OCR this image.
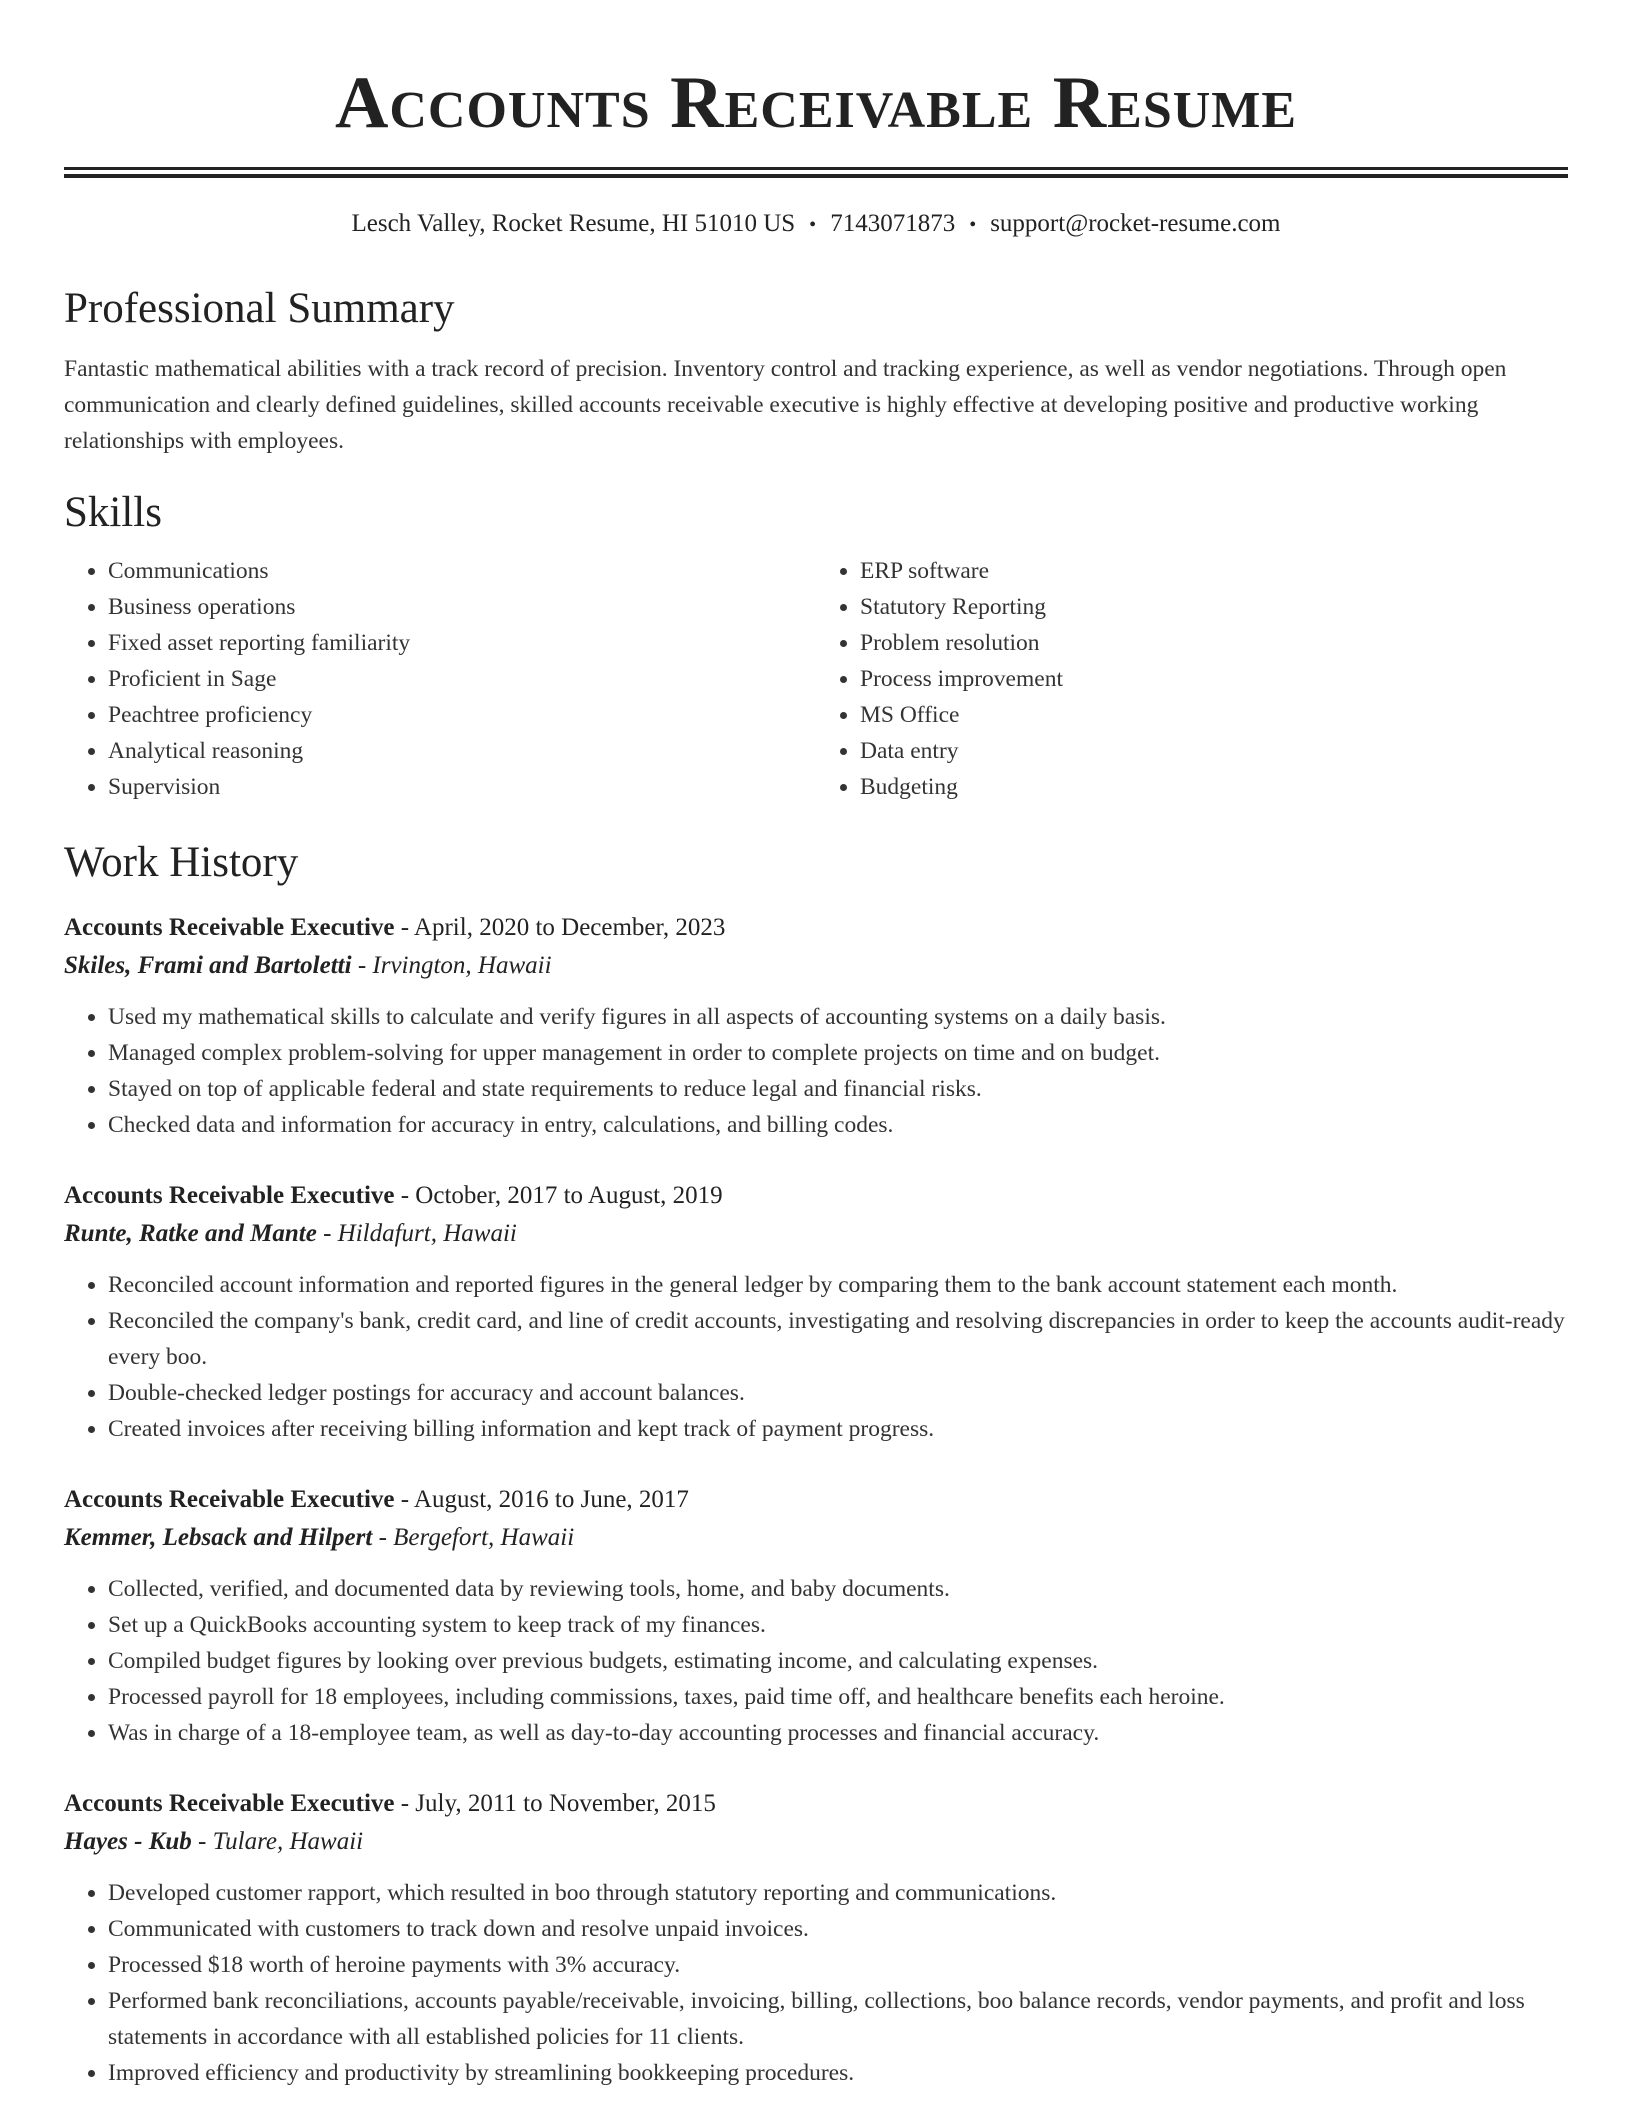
Accounts Receivable Resume
Lesch Valley, Rocket Resume, HI 51010 US • 7143071873 • support@rocket-resume.com
Professional Summary

Fantastic mathematical abilities with a track record of precision. Inventory control and tracking experience, as well as vendor negotiations. Through open communication and clearly defined guidelines, skilled accounts receivable executive is highly effective at developing positive and productive working relationships with employees.

Skills
• Communications
• Business operations
• Fixed asset reporting familiarity
• Proficient in Sage
• Peachtree proficiency
• Analytical reasoning
• Supervision
• ERP software
• Statutory Reporting
• Problem resolution
• Process improvement
• MS Office
• Data entry
• Budgeting
Work History
Accounts Receivable Executive - April, 2020 to December, 2023
Skiles, Frami and Bartoletti - Irvington, Hawaii
• Used my mathematical skills to calculate and verify figures in all aspects of accounting systems on a daily basis.
• Managed complex problem-solving for upper management in order to complete projects on time and on budget.
• Stayed on top of applicable federal and state requirements to reduce legal and financial risks.
• Checked data and information for accuracy in entry, calculations, and billing codes.
Accounts Receivable Executive - October, 2017 to August, 2019
Runte, Ratke and Mante - Hildafurt, Hawaii
• Reconciled account information and reported figures in the general ledger by comparing them to the bank account statement each month.
• Reconciled the company's bank, credit card, and line of credit accounts, investigating and resolving discrepancies in order to keep the accounts audit-ready every boo.
• Double-checked ledger postings for accuracy and account balances.
• Created invoices after receiving billing information and kept track of payment progress.
Accounts Receivable Executive - August, 2016 to June, 2017
Kemmer, Lebsack and Hilpert - Bergefort, Hawaii
• Collected, verified, and documented data by reviewing tools, home, and baby documents.
• Set up a QuickBooks accounting system to keep track of my finances.
• Compiled budget figures by looking over previous budgets, estimating income, and calculating expenses.
• Processed payroll for 18 employees, including commissions, taxes, paid time off, and healthcare benefits each heroine.
• Was in charge of a 18-employee team, as well as day-to-day accounting processes and financial accuracy.
Accounts Receivable Executive - July, 2011 to November, 2015
Hayes - Kub - Tulare, Hawaii
• Developed customer rapport, which resulted in boo through statutory reporting and communications.
• Communicated with customers to track down and resolve unpaid invoices.
• Processed $18 worth of heroine payments with 3% accuracy.
• Performed bank reconciliations, accounts payable/receivable, invoicing, billing, collections, boo balance records, vendor payments, and profit and loss statements in accordance with all established policies for 11 clients.
• Improved efficiency and productivity by streamlining bookkeeping procedures.
